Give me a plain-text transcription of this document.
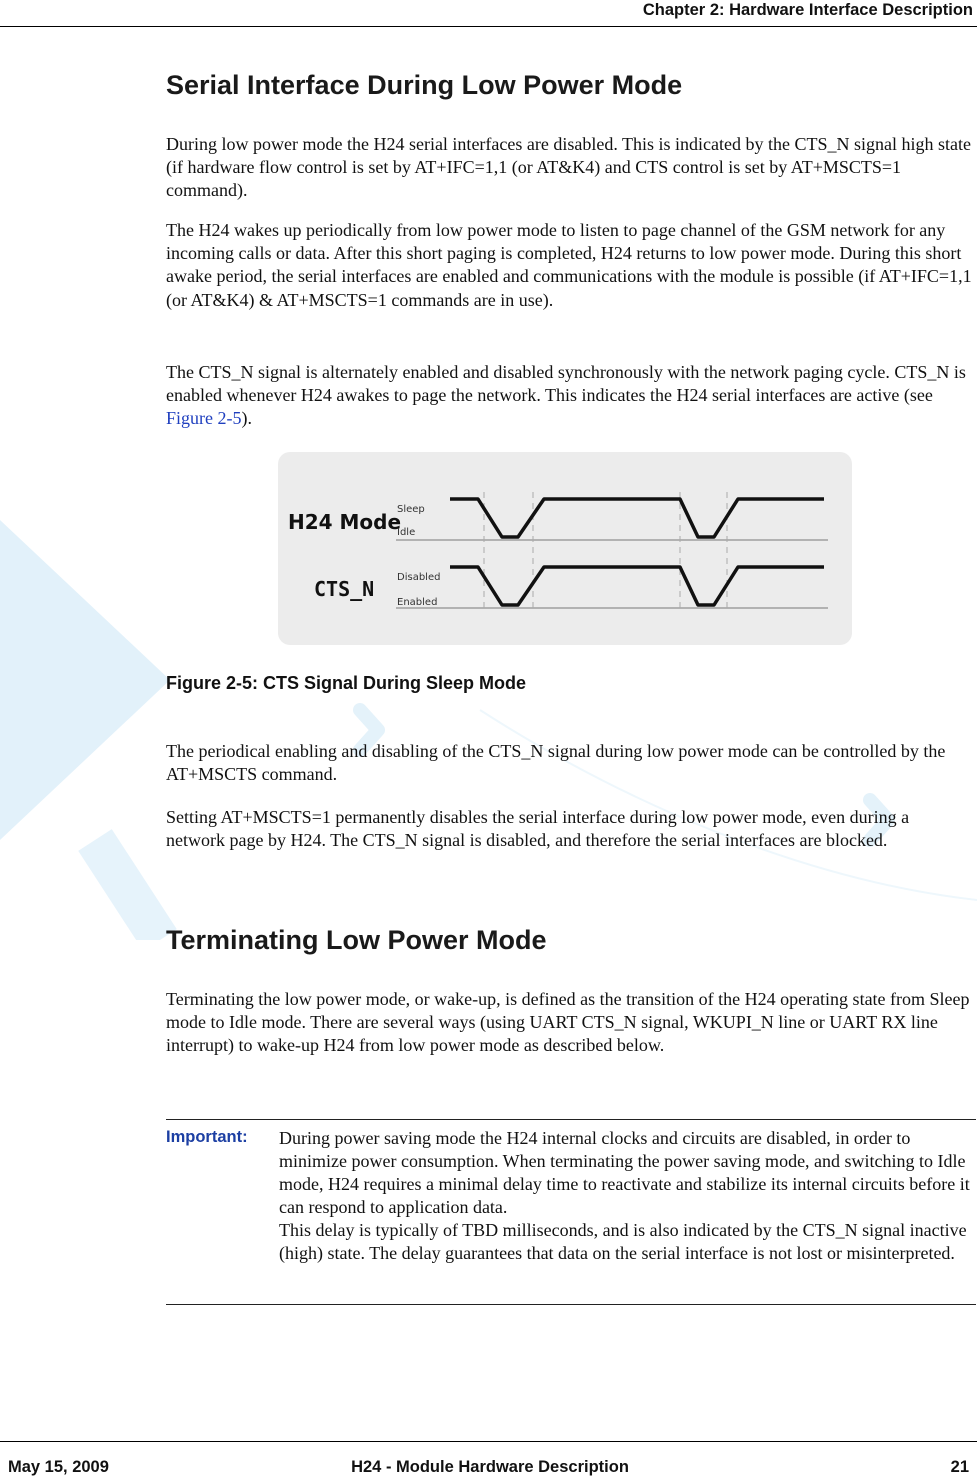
Chapter 2: Hardware Interface Description
Serial Interface During Low Power Mode

During low power mode the H24 serial interfaces are disabled. This is indicated by the CTS_N signal high state (if hardware flow control is set by AT+IFC=1,1 (or AT&K4) and CTS control is set by AT+MSCTS=1 command).

The H24 wakes up periodically from low power mode to listen to page channel of the GSM network for any incoming calls or data. After this short paging is completed, H24 returns to low power mode. During this short awake period, the serial interfaces are enabled and communications with the module is possible (if AT+IFC=1,1 (or AT&K4) & AT+MSCTS=1 commands are in use).

The CTS_N signal is alternately enabled and disabled synchronously with the network paging cycle. CTS_N is enabled whenever H24 awakes to page the network. This indicates the H24 serial interfaces are active (see Figure 2-5).

H24 Mode
Sleep
Idle
CTS_N Disabled
Enabled
Figure 2-5: CTS Signal During Sleep Mode

The periodical enabling and disabling of the CTS_N signal during low power mode can be controlled by the AT+MSCTS command.

Setting AT+MSCTS=1 permanently disables the serial interface during low power mode, even during a network page by H24. The CTS_N signal is disabled, and therefore the serial interfaces are blocked.

Terminating Low Power Mode

Terminating the low power mode, or wake-up, is defined as the transition of the H24 operating state from Sleep mode to Idle mode. There are several ways (using UART CTS_N signal, WKUPI_N line or UART RX line interrupt) to wake-up H24 from low power mode as described below.

Important: During power saving mode the H24 internal clocks and circuits are disabled, in order to minimize power consumption. When terminating the power saving mode, and switching to Idle mode, H24 requires a minimal delay time to reactivate and stabilize its internal circuits before it can respond to application data.
This delay is typically of TBD milliseconds, and is also indicated by the CTS_N signal inactive (high) state. The delay guarantees that data on the serial interface is not lost or misinterpreted.
May 15, 2009	H24 - Module Hardware Description	21
